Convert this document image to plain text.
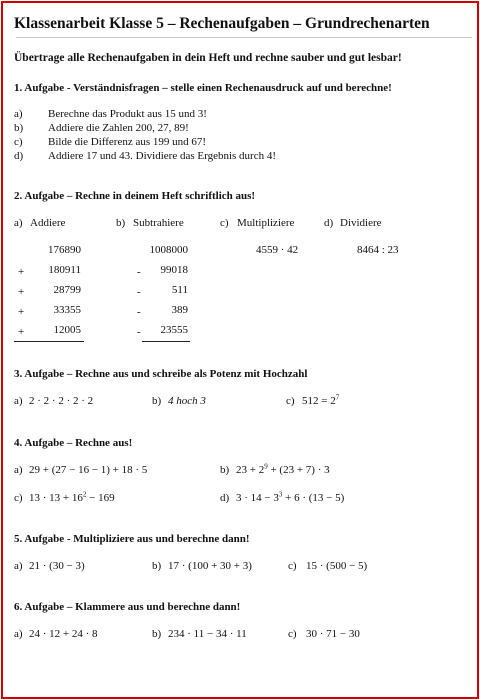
Klassenarbeit Klasse 5 – Rechenaufgaben – Grundrechenarten
Übertrage alle Rechenaufgaben in dein Heft und rechne sauber und gut lesbar!
1. Aufgabe - Verständnisfragen – stelle einen Rechenausdruck auf und berechne!
a) Berechne das Produkt aus 15 und 3!
b) Addiere die Zahlen 200, 27, 89!
c) Bilde die Differenz aus 199 und 67!
d) Addiere 17 und 43. Dividiere das Ergebnis durch 4!
2. Aufgabe – Rechne in deinem Heft schriftlich aus!
a) Addiere	b) Subtrahiere	c) Multipliziere	d) Dividiere
176890
+	180911
+	28799
+	33355
+	12005
1008000
-	99018
-	511
-	389
-	23555
4559 · 42	8464 : 23
3. Aufgabe – Rechne aus und schreibe als Potenz mit Hochzahl
a) 2 · 2 · 2 · 2 · 2	b) 4 hoch 3	c) $512 = 2^7$
4. Aufgabe – Rechne aus!
a) 29 + (27 − 16 − 1) + 18 · 5	b) $23 + 2^9 + (23 + 7) \cdot 3$
c) $13 \cdot 13 + 16^2 - 169$	d) $3 \cdot 14 - 3^3 + 6 \cdot (13 - 5)$
5. Aufgabe - Multipliziere aus und berechne dann!
a) 21 · (30 − 3)	b) 17 · (100 + 30 + 3)	c) 15 · (500 − 5)
6. Aufgabe – Klammere aus und berechne dann!
a) 24 · 12 + 24 · 8	b) 234 · 11 − 34 · 11	c) 30 · 71 − 30
